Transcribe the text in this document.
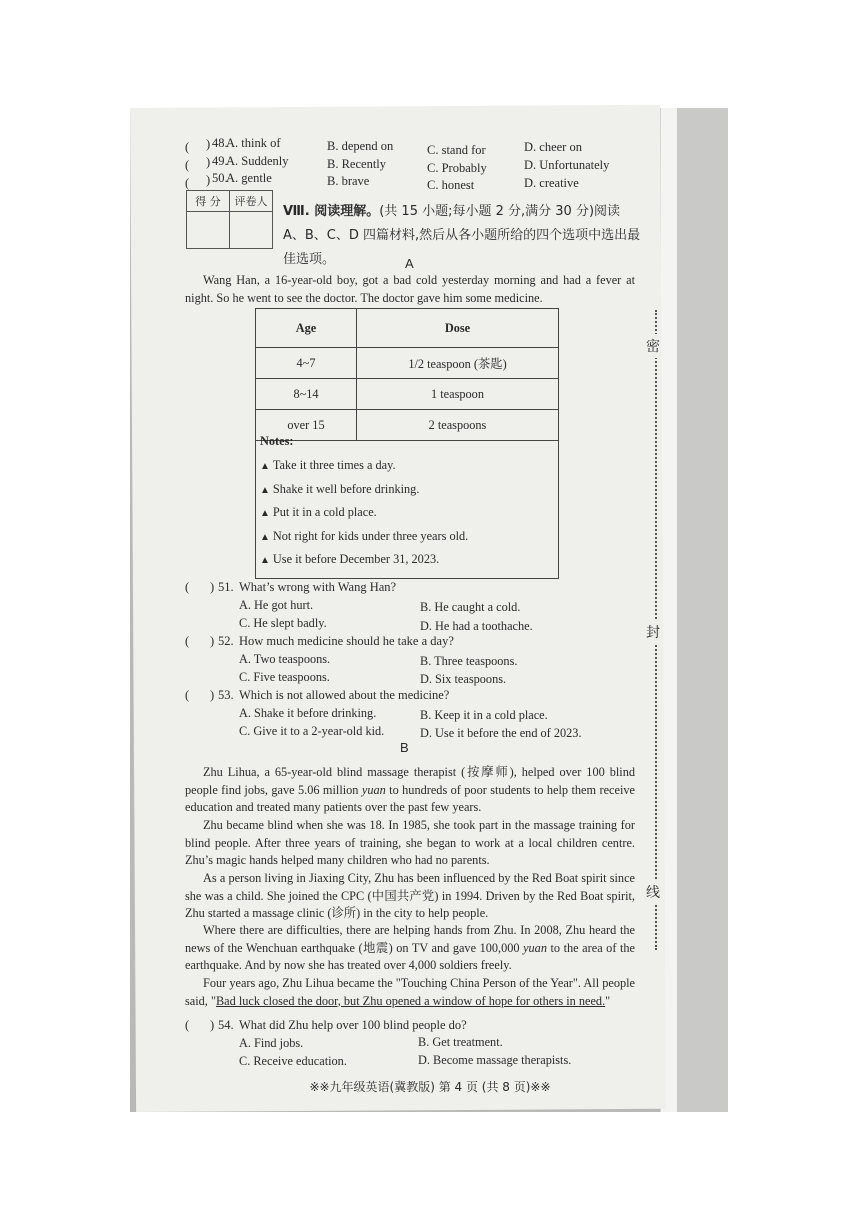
密
封
线
( 48.
) A. think of	B. depend on	C. stand for	D. cheer on
( ) 49.
A. Suddenly	B. Recently	C. Probably	D. Unfortunately
( ) 50.
A. gentle	B. brave	C. honest	D. creative
得 分	评卷人

Ⅷ. 阅读理解。(共 15 小题;每小题 2 分,满分 30 分)阅读 A、B、C、D 四篇材料,然后从各小题所给的四个选项中选出最佳选项。	A
Wang Han, a 16-year-old boy, got a bad cold yesterday morning and had a fever at night. So he went to see the doctor. The doctor gave him some medicine.
Age	Dose
4~7	1/2 teaspoon (茶匙)
8~14	1 teaspoon
over 15	2 teaspoons
Notes:
▲ Take it three times a day.
▲ Shake it well before drinking.
▲ Put it in a cold place.
▲ Not right for kids under three years old.
▲ Use it before December 31, 2023.
( ) 51. What’s wrong with Wang Han?
A. He got hurt.	B. He caught a cold.
C. He slept badly.	D. He had a toothache.
( ) 52. How much medicine should he take a day?
A. Two teaspoons.	B. Three teaspoons.
C. Five teaspoons.	D. Six teaspoons.
( ) 53. Which is not allowed about the medicine?
A. Shake it before drinking.	B. Keep it in a cold place.
C. Give it to a 2-year-old kid.	D. Use it before the end of 2023.
B
Zhu Lihua, a 65-year-old blind massage therapist (按摩师), helped over 100 blind people find jobs, gave 5.06 million yuan to hundreds of poor students to help them receive education and treated many patients over the past few years.
Zhu became blind when she was 18. In 1985, she took part in the massage training for blind people. After three years of training, she began to work at a local children centre. Zhu’s magic hands helped many children who had no parents.
As a person living in Jiaxing City, Zhu has been influenced by the Red Boat spirit since she was a child. She joined the CPC (中国共产党) in 1994. Driven by the Red Boat spirit, Zhu started a massage clinic (诊所) in the city to help people.
Where there are difficulties, there are helping hands from Zhu. In 2008, Zhu heard the news of the Wenchuan earthquake (地震) on TV and gave 100,000 yuan to the area of the earthquake. And by now she has treated over 4,000 soldiers freely.
Four years ago, Zhu Lihua became the "Touching China Person of the Year". All people said, "Bad luck closed the door, but Zhu opened a window of hope for others in need."
( ) 54. What did Zhu help over 100 blind people do?
A. Find jobs.	B. Get treatment.
C. Receive education.	D. Become massage therapists.
※※九年级英语(冀教版) 第 4 页 (共 8 页)※※
